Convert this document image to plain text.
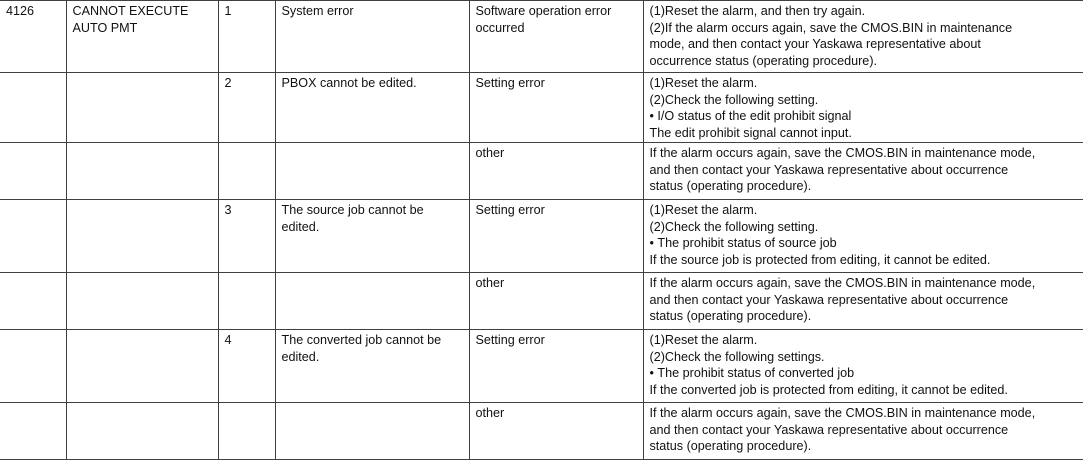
4126	CANNOT EXECUTE
AUTO PMT	1	System error	Software operation error
occurred	(1)Reset the alarm, and then try again.
(2)If the alarm occurs again, save the CMOS.BIN in maintenance
mode, and then contact your Yaskawa representative about
occurrence status (operating procedure).

		2	PBOX cannot be edited.	Setting error	(1)Reset the alarm.
(2)Check the following setting.
• I/O status of the edit prohibit signal
The edit prohibit signal cannot input.

				other	If the alarm occurs again, save the CMOS.BIN in maintenance mode,
and then contact your Yaskawa representative about occurrence
status (operating procedure).

		3	The source job cannot be
edited.	Setting error	(1)Reset the alarm.
(2)Check the following setting.
• The prohibit status of source job
If the source job is protected from editing, it cannot be edited.

				other	If the alarm occurs again, save the CMOS.BIN in maintenance mode,
and then contact your Yaskawa representative about occurrence
status (operating procedure).

		4	The converted job cannot be
edited.	Setting error	(1)Reset the alarm.
(2)Check the following settings.
• The prohibit status of converted job
If the converted job is protected from editing, it cannot be edited.

				other	If the alarm occurs again, save the CMOS.BIN in maintenance mode,
and then contact your Yaskawa representative about occurrence
status (operating procedure).
